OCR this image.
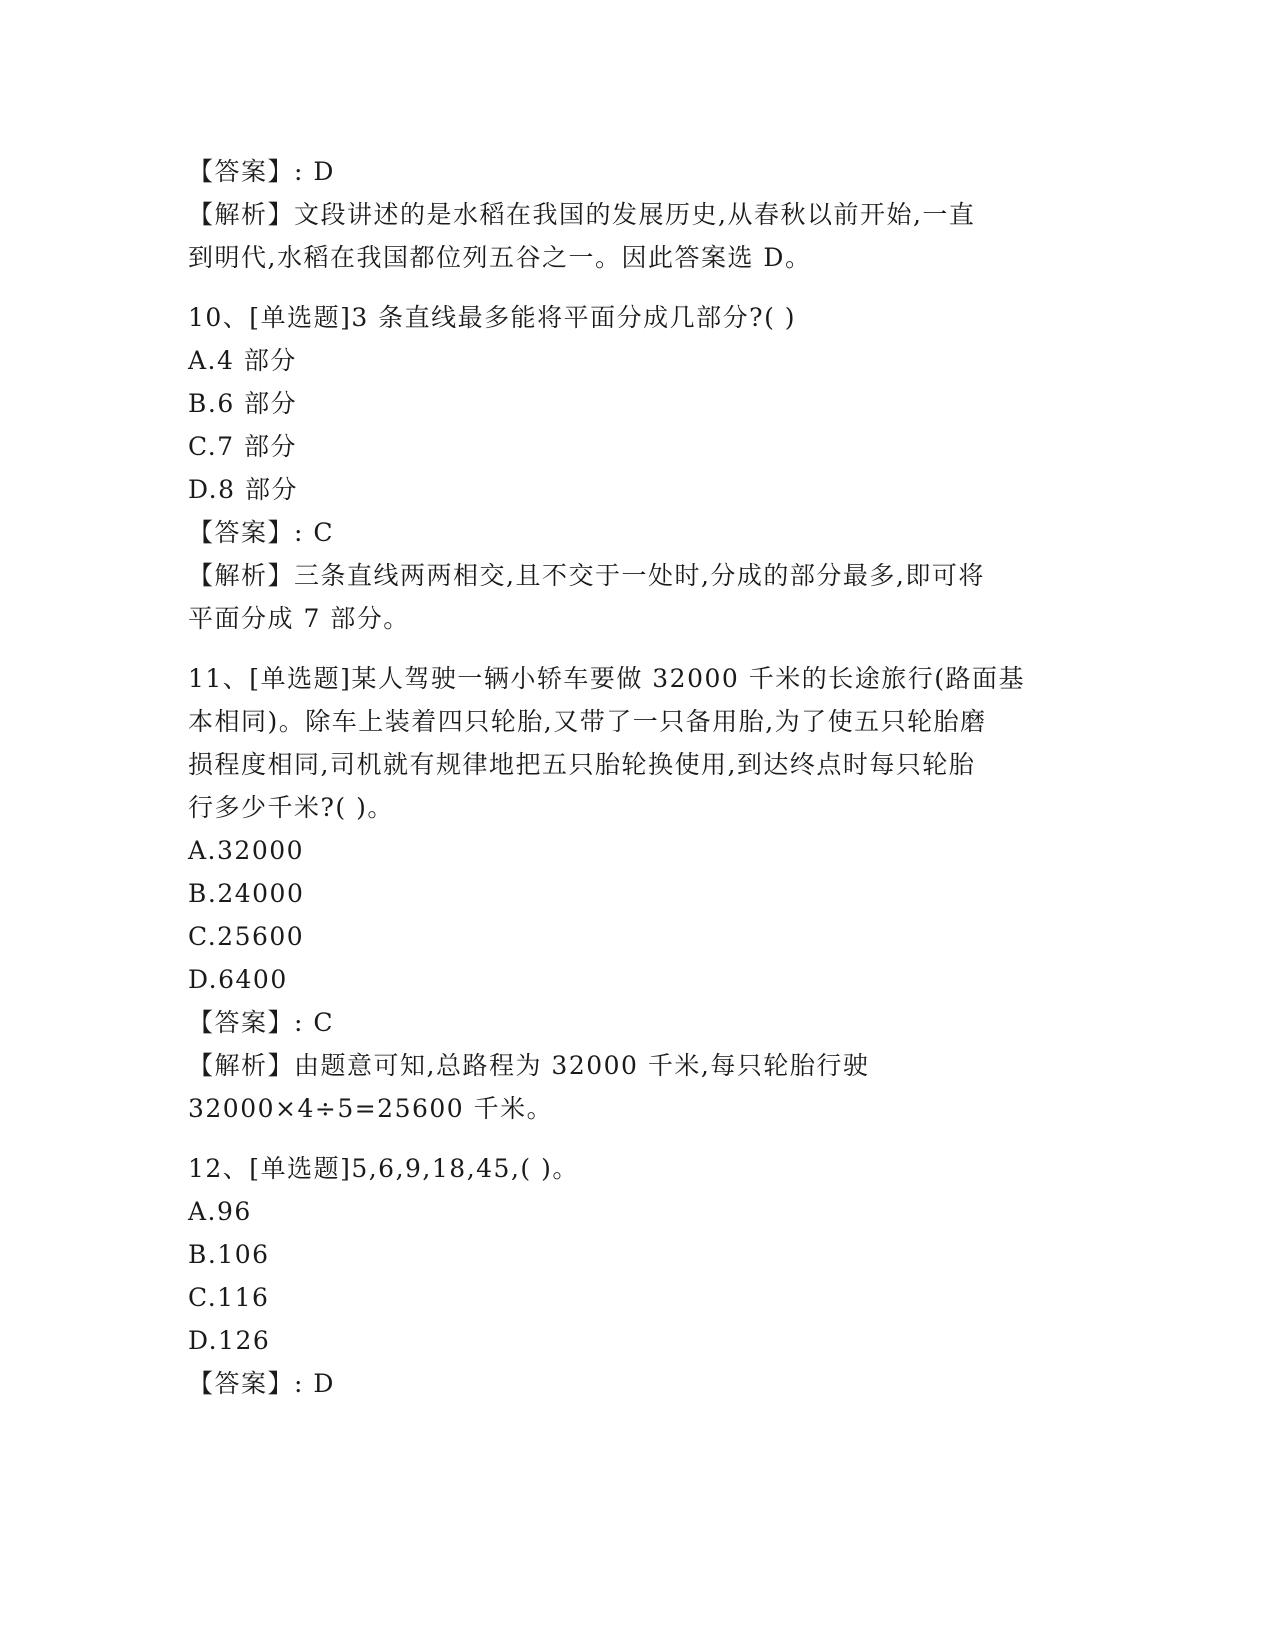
【答案】: D
【解析】文段讲述的是水稻在我国的发展历史,从春秋以前开始,一直
到明代,水稻在我国都位列五谷之一。因此答案选 D。
10、[单选题]3 条直线最多能将平面分成几部分?( )
A.4 部分
B.6 部分
C.7 部分
D.8 部分
【答案】: C
【解析】三条直线两两相交,且不交于一处时,分成的部分最多,即可将
平面分成 7 部分。
11、[单选题]某人驾驶一辆小轿车要做 32000 千米的长途旅行(路面基
本相同)。除车上装着四只轮胎,又带了一只备用胎,为了使五只轮胎磨
损程度相同,司机就有规律地把五只胎轮换使用,到达终点时每只轮胎
行多少千米?( )。
A.32000
B.24000
C.25600
D.6400
【答案】: C
【解析】由题意可知,总路程为 32000 千米,每只轮胎行驶
32000×4÷5=25600 千米。
12、[单选题]5,6,9,18,45,( )。
A.96
B.106
C.116
D.126
【答案】: D
